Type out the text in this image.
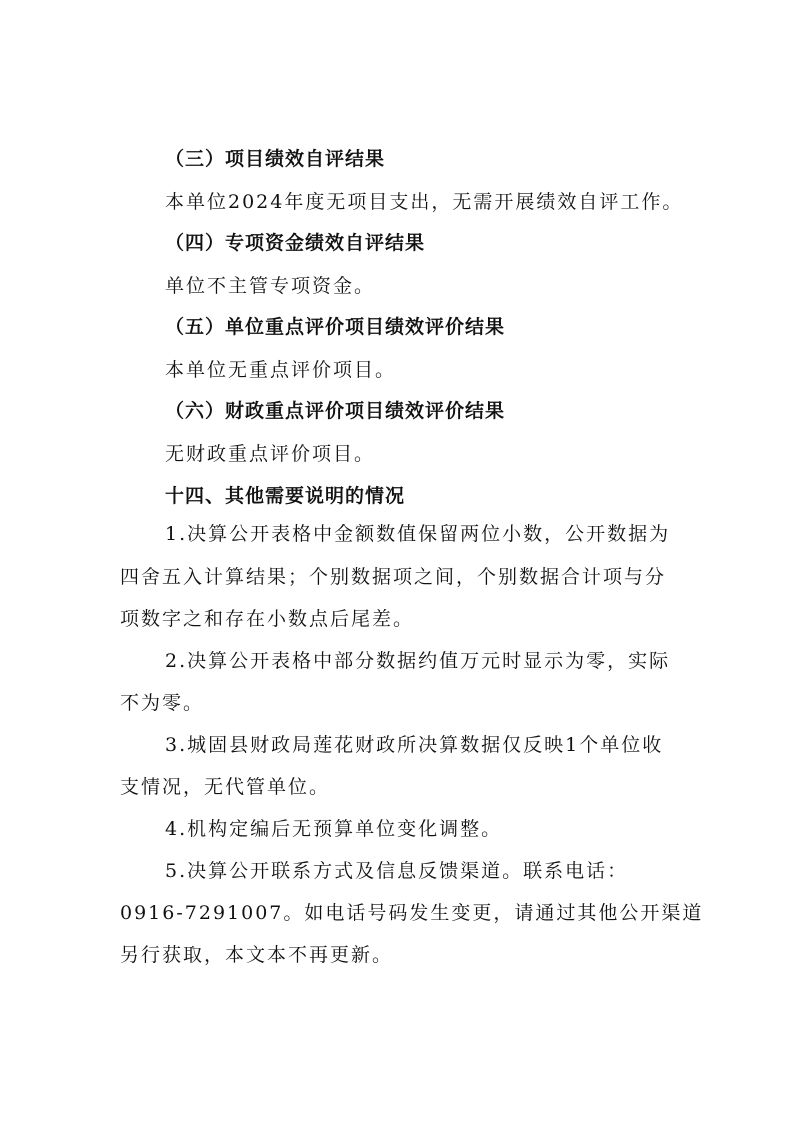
（三）项目绩效自评结果
本单位2024年度无项目支出，无需开展绩效自评工作。
（四）专项资金绩效自评结果
单位不主管专项资金。
（五）单位重点评价项目绩效评价结果
本单位无重点评价项目。
（六）财政重点评价项目绩效评价结果
无财政重点评价项目。
十四、其他需要说明的情况
1.决算公开表格中金额数值保留两位小数，公开数据为
四舍五入计算结果；个别数据项之间，个别数据合计项与分
项数字之和存在小数点后尾差。
2.决算公开表格中部分数据约值万元时显示为零，实际
不为零。
3.城固县财政局莲花财政所决算数据仅反映1个单位收
支情况，无代管单位。
4.机构定编后无预算单位变化调整。
5.决算公开联系方式及信息反馈渠道。联系电话：
0916-7291007。如电话号码发生变更，请通过其他公开渠道
另行获取，本文本不再更新。
